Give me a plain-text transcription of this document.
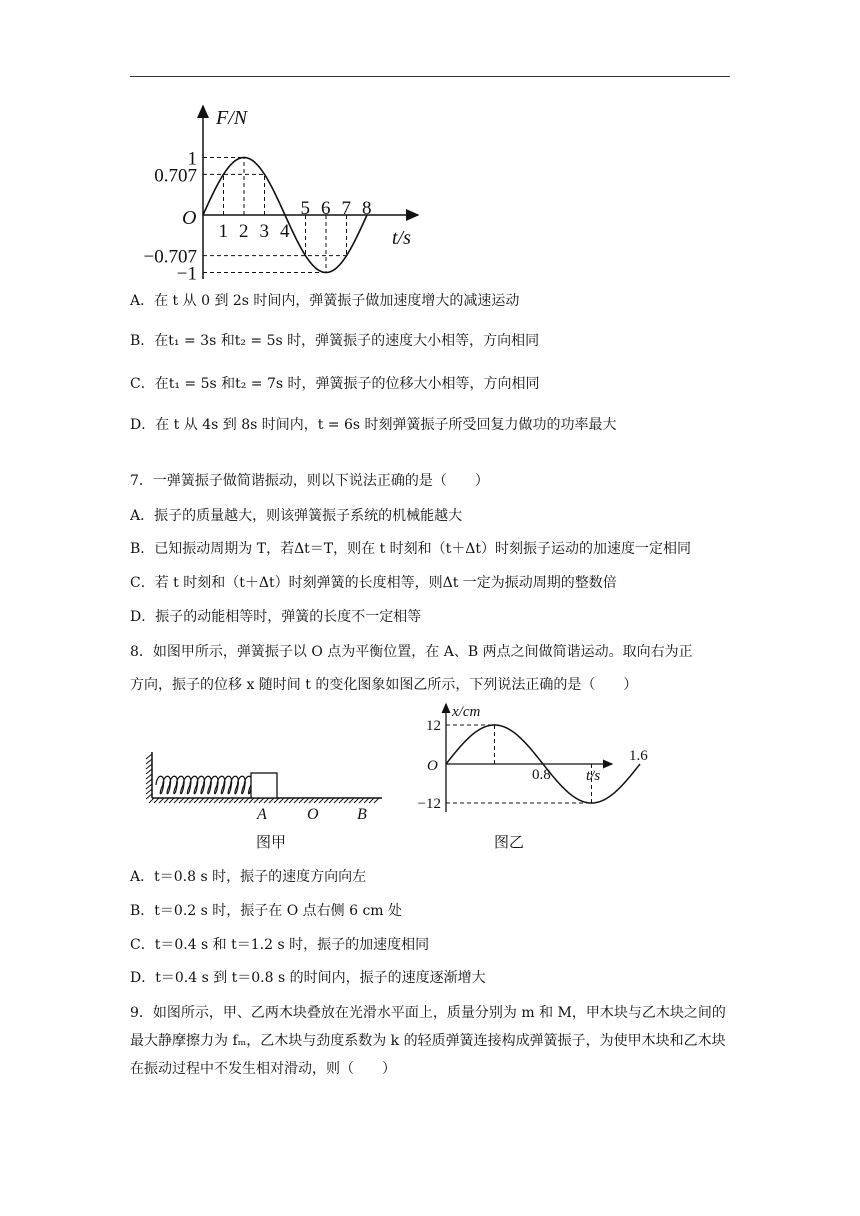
1 2 3 4
5 6 7 8
1
0.707
−0.707
−1
F/N
t/s
O
A．在 t 从 0 到 2s 时间内，弹簧振子做加速度增大的减速运动
B．在t₁ = 3s 和t₂ = 5s 时，弹簧振子的速度大小相等，方向相同
C．在t₁ = 5s 和t₂ = 7s 时，弹簧振子的位移大小相等，方向相同
D．在 t 从 4s 到 8s 时间内，t = 6s 时刻弹簧振子所受回复力做功的功率最大
7．一弹簧振子做简谐振动，则以下说法正确的是（　　）
A．振子的质量越大，则该弹簧振子系统的机械能越大
B．已知振动周期为 T，若Δt＝T，则在 t 时刻和（t＋Δt）时刻振子运动的加速度一定相同
C．若 t 时刻和（t＋Δt）时刻弹簧的长度相等，则Δt 一定为振动周期的整数倍
D．振子的动能相等时，弹簧的长度不一定相等
8．如图甲所示，弹簧振子以 O 点为平衡位置，在 A、B 两点之间做简谐运动。取向右为正
方向，振子的位移 x 随时间 t 的变化图象如图乙所示，下列说法正确的是（　　）
A	O B
图甲
0.8
1.6
12
−12
x/cm
t/s
O
图乙
A．t＝0.8 s 时，振子的速度方向向左
B．t＝0.2 s 时，振子在 O 点右侧 6 cm 处
C．t＝0.4 s 和 t＝1.2 s 时，振子的加速度相同
D．t＝0.4 s 到 t＝0.8 s 的时间内，振子的速度逐渐增大
9．如图所示，甲、乙两木块叠放在光滑水平面上，质量分别为 m 和 M，甲木块与乙木块之间的最大静摩擦力为 fₘ，乙木块与劲度系数为 k 的轻质弹簧连接构成弹簧振子，为使甲木块和乙木块在振动过程中不发生相对滑动，则（　　）
